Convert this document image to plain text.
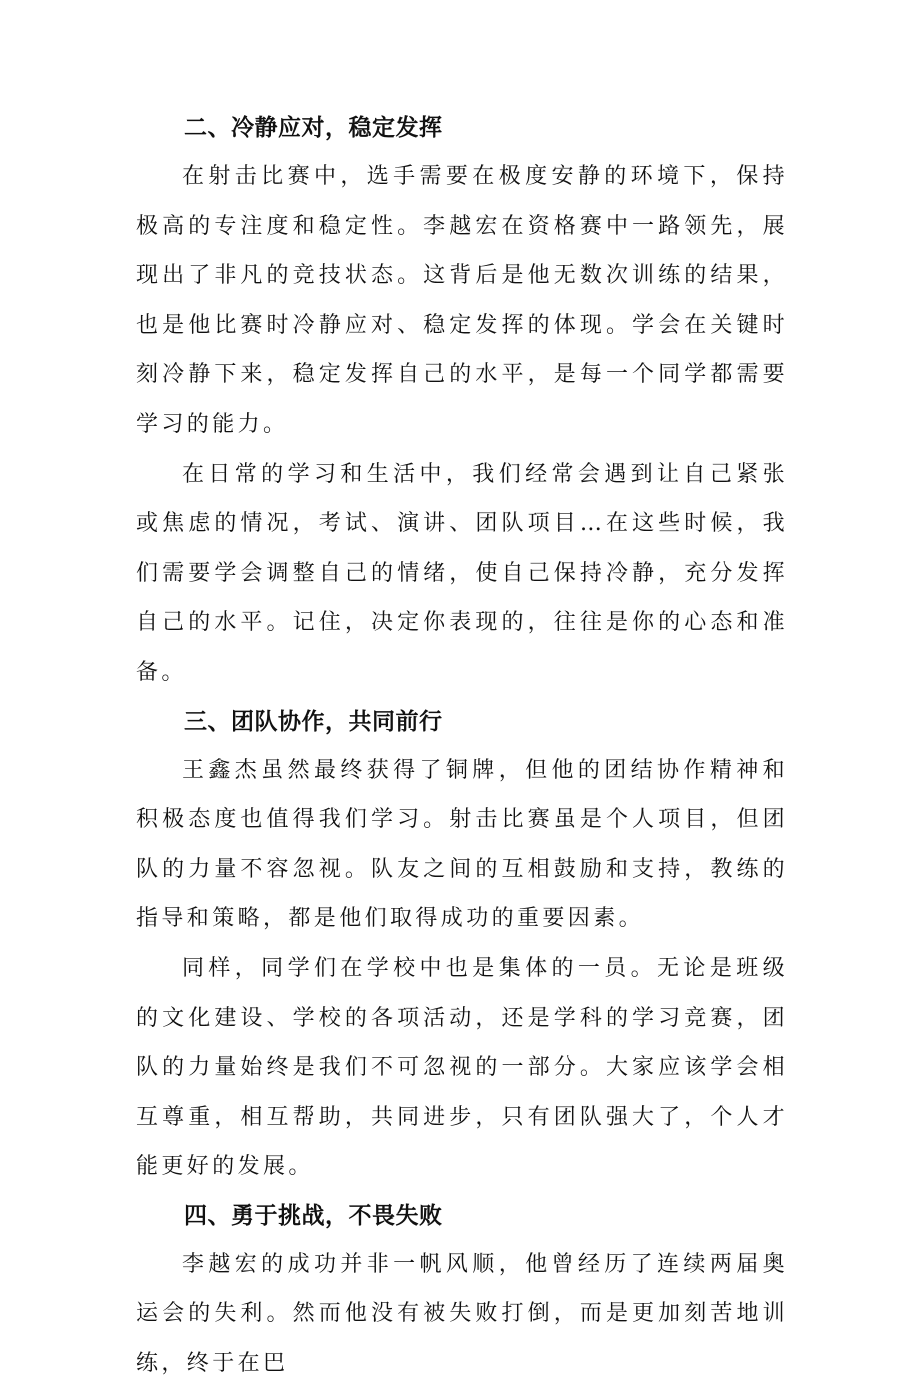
二、冷静应对，稳定发挥

在射击比赛中，选手需要在极度安静的环境下，保持极高的专注度和稳定性。李越宏在资格赛中一路领先，展现出了非凡的竞技状态。这背后是他无数次训练的结果，也是他比赛时冷静应对、稳定发挥的体现。学会在关键时刻冷静下来，稳定发挥自己的水平，是每一个同学都需要学习的能力。

在日常的学习和生活中，我们经常会遇到让自己紧张或焦虑的情况，考试、演讲、团队项目…在这些时候，我们需要学会调整自己的情绪，使自己保持冷静，充分发挥自己的水平。记住，决定你表现的，往往是你的心态和准备。

三、团队协作，共同前行

王鑫杰虽然最终获得了铜牌，但他的团结协作精神和积极态度也值得我们学习。射击比赛虽是个人项目，但团队的力量不容忽视。队友之间的互相鼓励和支持，教练的指导和策略，都是他们取得成功的重要因素。

同样，同学们在学校中也是集体的一员。无论是班级的文化建设、学校的各项活动，还是学科的学习竞赛，团队的力量始终是我们不可忽视的一部分。大家应该学会相互尊重，相互帮助，共同进步，只有团队强大了，个人才能更好的发展。

四、勇于挑战，不畏失败

李越宏的成功并非一帆风顺，他曾经历了连续两届奥运会的失利。然而他没有被失败打倒，而是更加刻苦地训练，终于在巴
